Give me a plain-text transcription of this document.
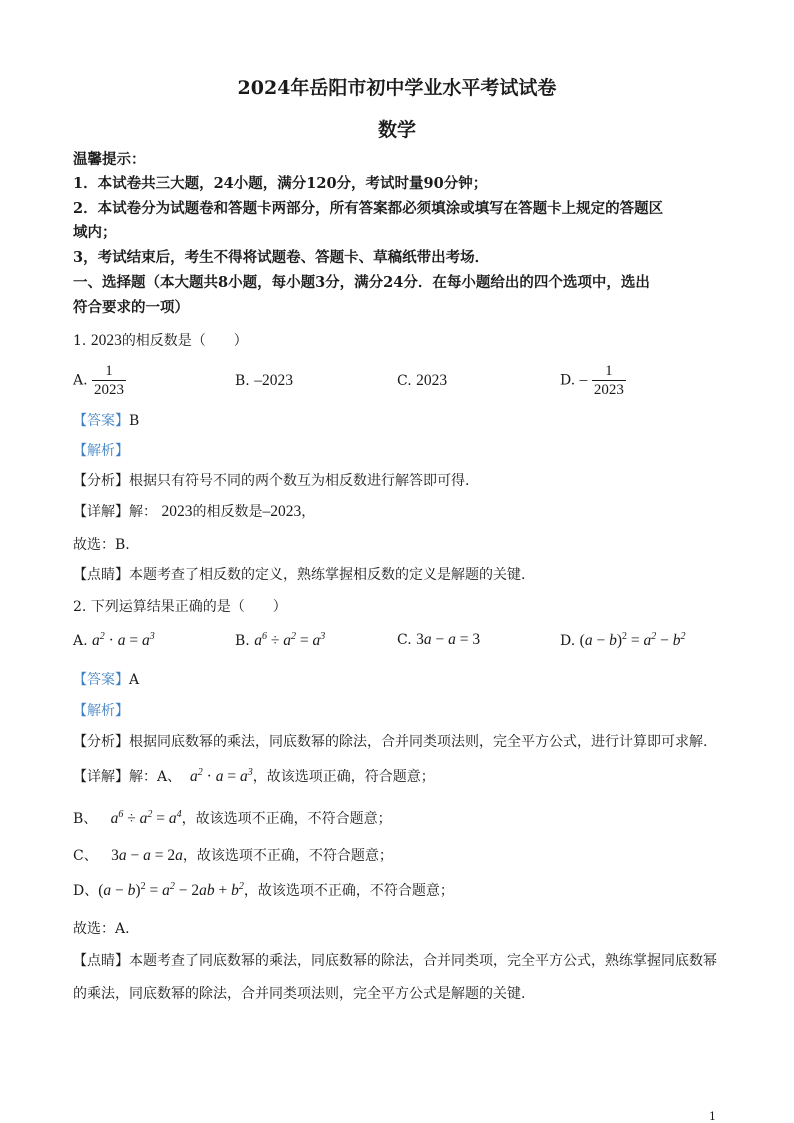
2024年岳阳市初中学业水平考试试卷
数学
温馨提示：
1．本试卷共三大题，24小题，满分120分，考试时量90分钟；
2．本试卷分为试题卷和答题卡两部分，所有答案都必须填涂或填写在答题卡上规定的答题区
域内；
3，考试结束后，考生不得将试题卷、答题卡、草稿纸带出考场．
一、选择题（本大题共8小题，每小题3分，满分24分．在每小题给出的四个选项中，选出
符合要求的一项）
1. 2023的相反数是（　　）
A. $\frac{1}{2023}$	B. –2023	C. 2023	D. – $\frac{1}{2023}$
【答案】B
【解析】
【分析】根据只有符号不同的两个数互为相反数进行解答即可得.
【详解】解： 2023的相反数是–2023，
故选：B.
【点睛】本题考查了相反数的定义，熟练掌握相反数的定义是解题的关键.
2. 下列运算结果正确的是（　　）
A. $a^2 \cdot a = a^3$	B. $a^6 \div a^2 = a^3$	C. 3a − a = 3	D. $(a - b)^2 = a^2 - b^2$
【答案】A
【解析】
【分析】根据同底数幂的乘法，同底数幂的除法，合并同类项法则，完全平方公式，进行计算即可求解.
【详解】解：A、 $a^2 \cdot a = a^3$，故该选项正确，符合题意；
B、 $a^6 \div a^2 = a^4$，故该选项不正确，不符合题意；
C、 3a − a = 2a，故该选项不正确，不符合题意；
D、$(a - b)^2 = a^2 - 2ab + b^2$，故该选项不正确，不符合题意；
故选：A.
【点睛】本题考查了同底数幂的乘法，同底数幂的除法，合并同类项，完全平方公式，熟练掌握同底数幂
的乘法，同底数幂的除法，合并同类项法则，完全平方公式是解题的关键.
1
